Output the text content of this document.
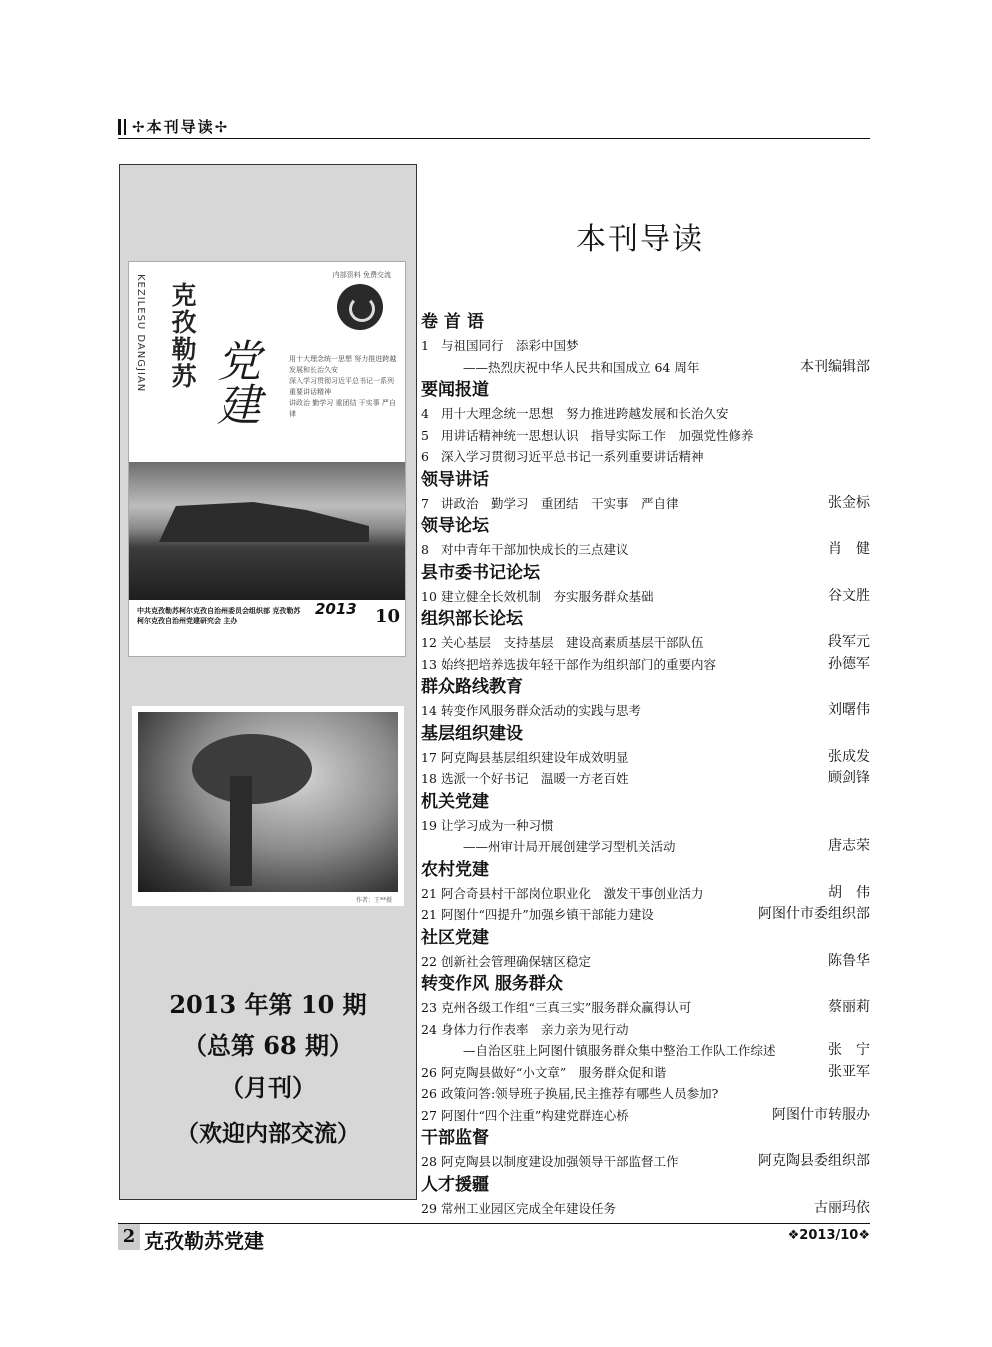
✢本刊导读✢
内部资料 免费交流
KEZILESU DANGJIAN 克孜勒苏 党建	用十大理念统一思想 努力推进跨越发展和长治久安
深入学习贯彻习近平总书记一系列重要讲话精神
讲政治 勤学习 重团结 干实事 严自律
中共克孜勒苏柯尔克孜自治州委员会组织部 克孜勒苏柯尔克孜自治州党建研究会 主办
2013 10
作者：王**摄
2013 年第 10 期
（总第 68 期）
（月刊）
（欢迎内部交流）
本刊导读
卷 首 语
1 与祖国同行　添彩中国梦
——热烈庆祝中华人民共和国成立 64 周年	本刊编辑部
要闻报道
4 用十大理念统一思想　努力推进跨越发展和长治久安
5 用讲话精神统一思想认识　指导实际工作　加强党性修养
6 深入学习贯彻习近平总书记一系列重要讲话精神
领导讲话
7 讲政治　勤学习　重团结　干实事　严自律	张金标
领导论坛
8 对中青年干部加快成长的三点建议	肖　健
县市委书记论坛
10 建立健全长效机制　夯实服务群众基础	谷文胜
组织部长论坛
12 关心基层　支持基层　建设高素质基层干部队伍	段军元
13 始终把培养选拔年轻干部作为组织部门的重要内容	孙德军
群众路线教育
14 转变作风服务群众活动的实践与思考	刘曙伟
基层组织建设
17 阿克陶县基层组织建设年成效明显	张成发
18 选派一个好书记　温暖一方老百姓	顾剑锋
机关党建
19 让学习成为一种习惯
——州审计局开展创建学习型机关活动	唐志荣
农村党建
21 阿合奇县村干部岗位职业化　激发干事创业活力	胡　伟
21 阿图什“四提升”加强乡镇干部能力建设	阿图什市委组织部
社区党建
22 创新社会管理确保辖区稳定	陈鲁华
转变作风 服务群众
23 克州各级工作组“三真三实”服务群众赢得认可	蔡丽莉
24 身体力行作表率　亲力亲为见行动
—自治区驻上阿图什镇服务群众集中整治工作队工作综述	张　宁
26 阿克陶县做好“小文章”　服务群众促和谐	张亚军
26 政策问答:领导班子换届,民主推荐有哪些人员参加?
27 阿图什“四个注重”构建党群连心桥	阿图什市转服办
干部监督
28 阿克陶县以制度建设加强领导干部监督工作	阿克陶县委组织部
人才援疆
29 常州工业园区完成全年建设任务	古丽玛依
2 克孜勒苏党建	❖2013/10❖
